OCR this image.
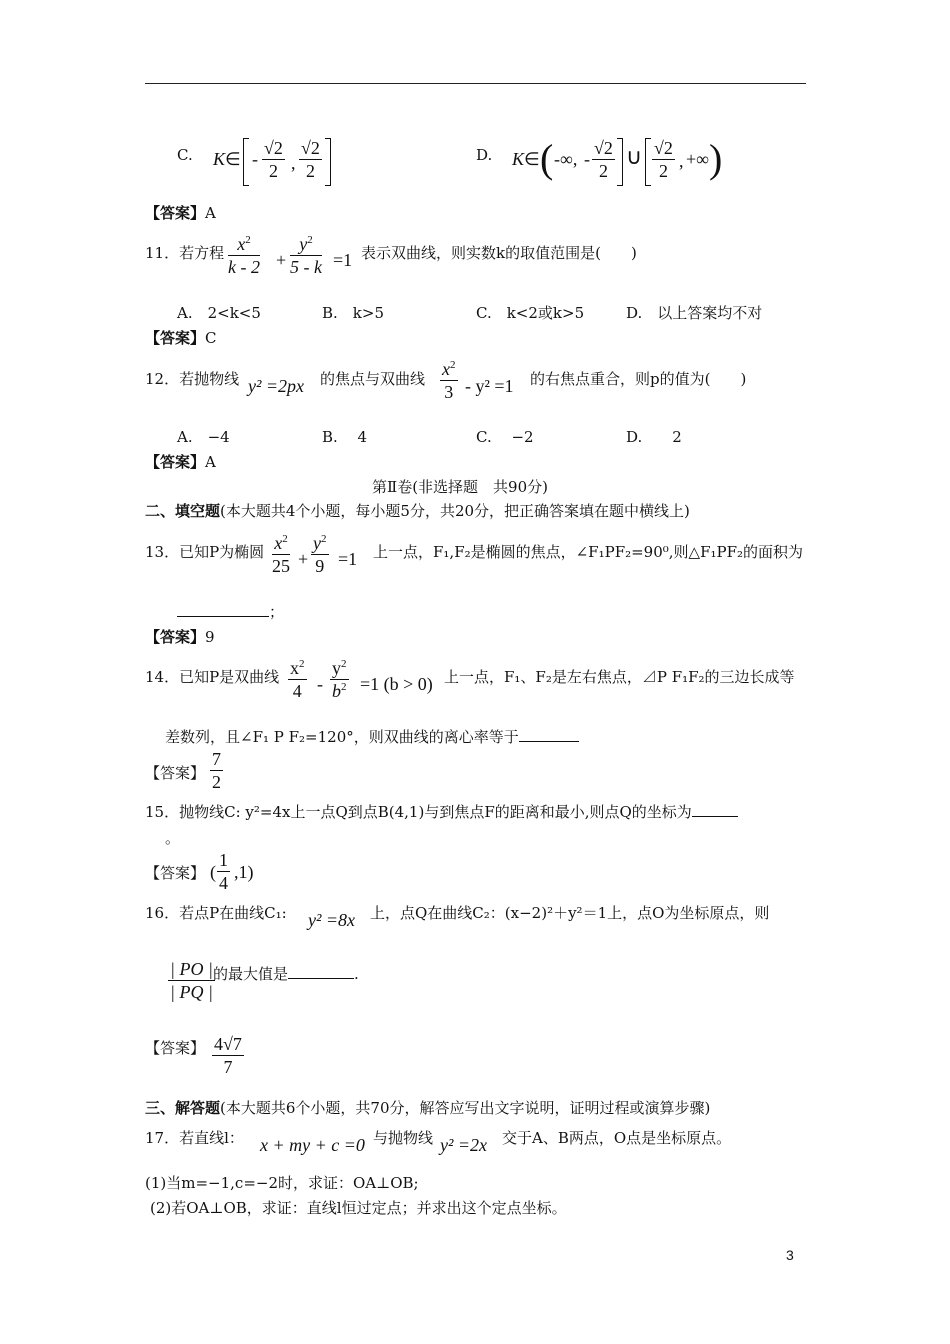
C. K∈ - $\frac{√2}{2}$ , $\frac{√2}{2}$	D. K∈ ( -∞, - $\frac{√2}{2}$ ∪ $\frac{√2}{2}$ , +∞ )
【答案】A
11．若方程 $\frac{x^2}{k - 2} + \frac{y^2}{5 - k} =1$ 表示双曲线，则实数k的取值范围是(　　)
A.　2<k<5	B.　k>5	C.　k<2或k>5	D.　以上答案均不对
【答案】C
12．若抛物线 y² =2px 的焦点与双曲线 $\frac{x^2}{3} - y^2 =1$ 的右焦点重合，则p的值为(　　)
A.　−4	B.　 4	C.　 −2	D.　　2
【答案】A
第Ⅱ卷(非选择题　共90分)
二、填空题(本大题共4个小题，每小题5分，共20分，把正确答案填在题中横线上)
13．已知P为椭圆 $\frac{x^2}{25} + \frac{y^2}{9} =1$ 上一点，F₁,F₂是椭圆的焦点，∠F₁PF₂=90⁰,则△F₁PF₂的面积为
；
【答案】9
14．已知P是双曲线 $\frac{x^2}{4} - \frac{y^2}{b^2} =1$ (b > 0) 上一点，F₁、F₂是左右焦点，⊿P F₁F₂的三边长成等
差数列，且∠F₁ P F₂=120°，则双曲线的离心率等于
【答案】 $\frac{7}{2}$
15．抛物线C: y²=4x上一点Q到点B(4,1)与到焦点F的距离和最小,则点Q的坐标为
。
【答案】 ( $\frac{1}{4} ,1$)
16．若点P在曲线C₁: y² =8x 上，点Q在曲线C₂：(x−2)²＋y²＝1上，点O为坐标原点，则
$\frac{| PO |}{| PQ |}$
的最大值是	.
【答案】 $\frac{4√7}{7}$
三、解答题(本大题共6个小题，共70分，解答应写出文字说明，证明过程或演算步骤)
17．若直线l： x + my + c =0 与抛物线 y² =2x 交于A、B两点，O点是坐标原点。
(1)当m=−1,c=−2时，求证：OA⊥OB;
(2)若OA⊥OB，求证：直线l恒过定点；并求出这个定点坐标。
3
